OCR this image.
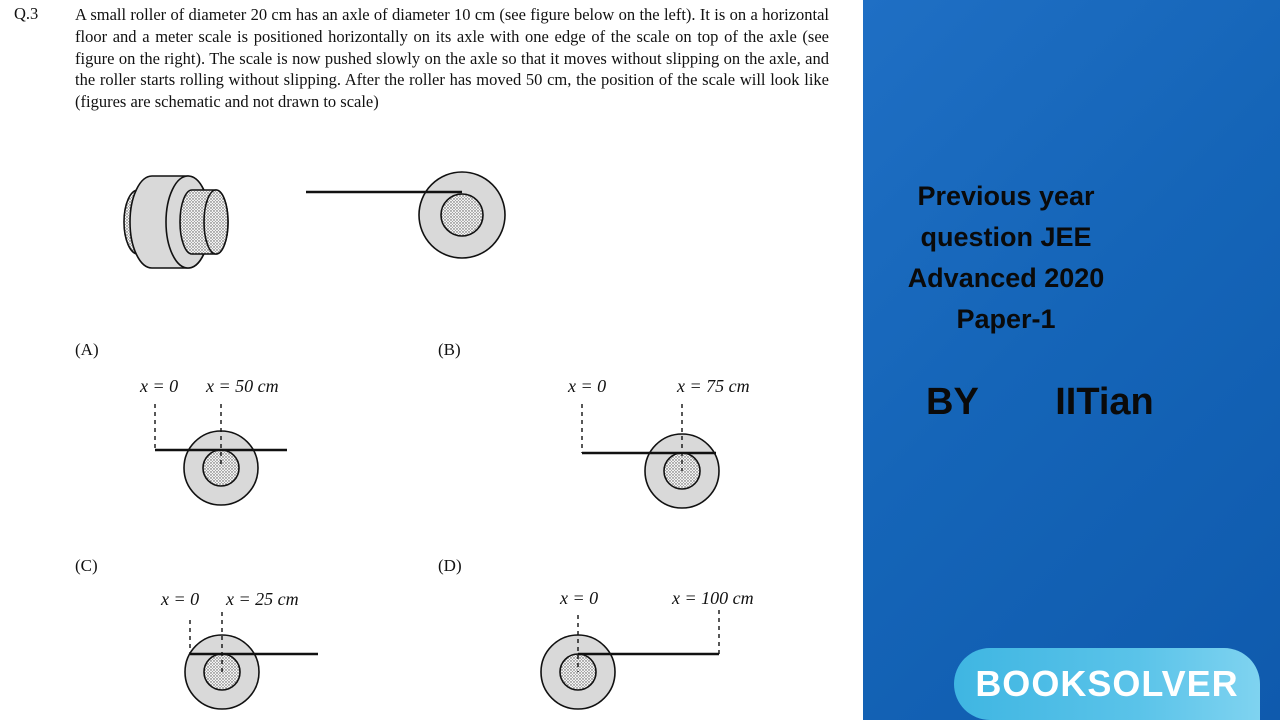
Q.3 A small roller of diameter 20 cm has an axle of diameter 10 cm (see figure below on the left). It is on a horizontal floor and a meter scale is positioned horizontally on its axle with one edge of the scale on top of the axle (see figure on the right). The scale is now pushed slowly on the axle so that it moves without slipping on the axle, and the roller starts rolling without slipping. After the roller has moved 50 cm, the position of the scale will look like (figures are schematic and not drawn to scale)
(A)	(B)
(C)	(D)
x = 0 x = 50 cm	x = 0	x = 75 cm
x = 0 x = 25 cm	x = 0	x = 100 cm
Previous year question JEE Advanced 2020 Paper-1
BY  IITian
BOOKSOLVER
